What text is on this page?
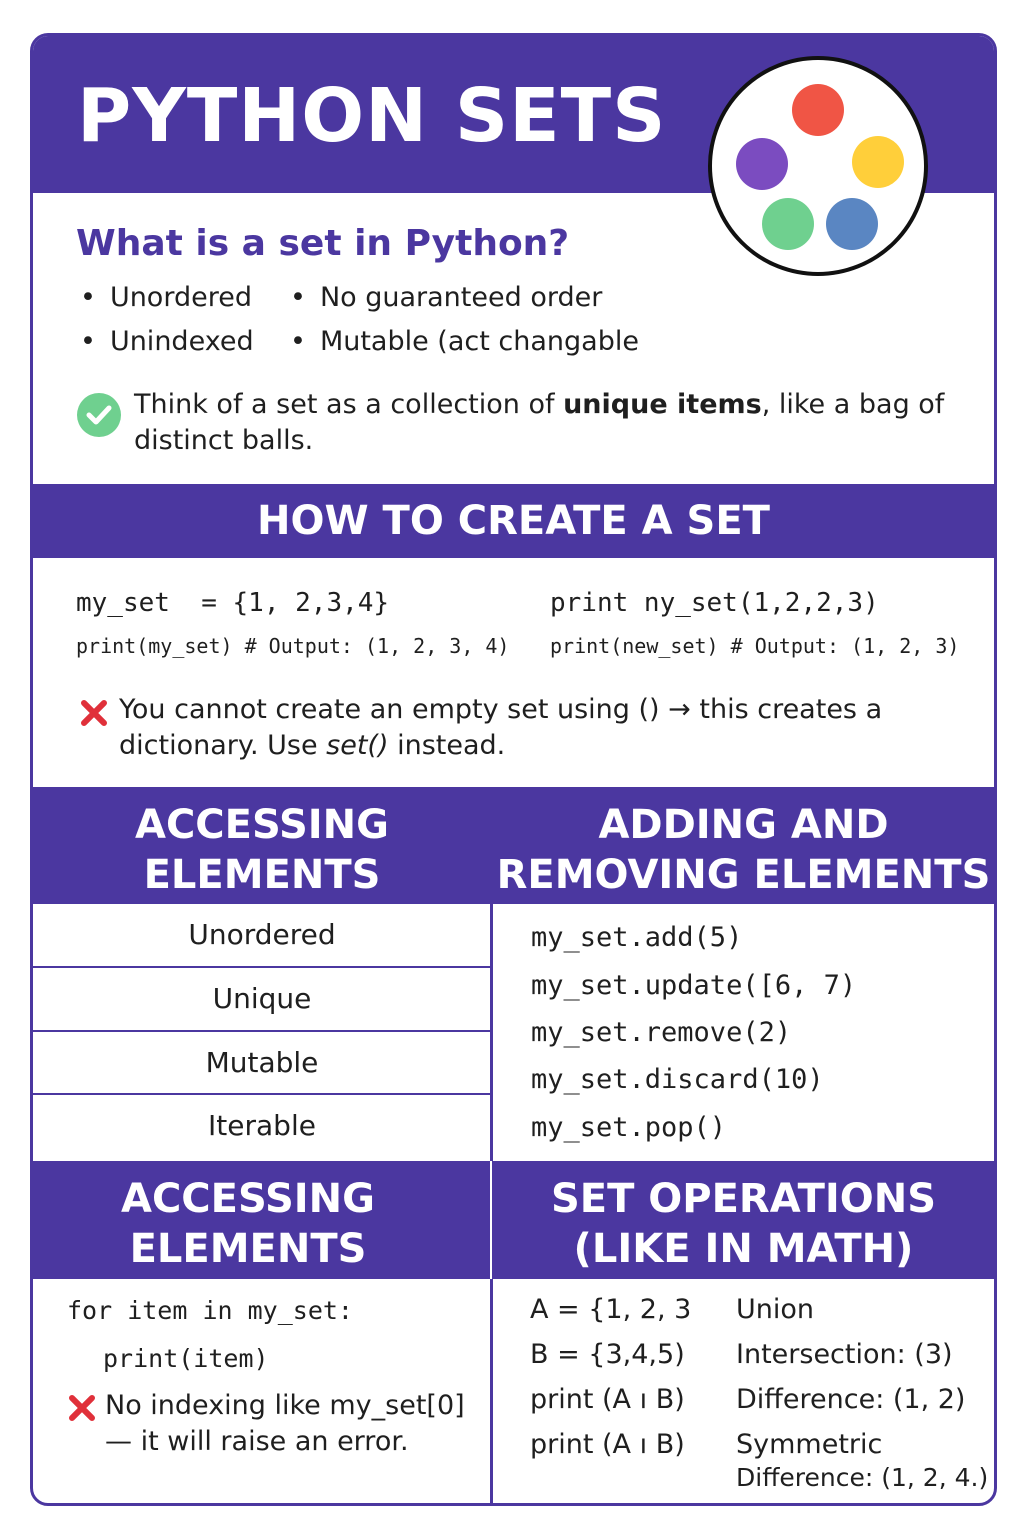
PYTHON SETS
What is a set in Python?
• Unordered
• Unindexed
• No guaranteed order
• Mutable (act changable
Think of a set as a collection of unique items, like a bag of
distinct balls.
HOW TO CREATE A SET
my_set  = {1, 2,3,4}
print(my_set) # Output: (1, 2, 3, 4)
print ny_set(1,2,2,3)
print(new_set) # Output: (1, 2, 3)
You cannot create an empty set using () → this creates a
dictionary. Use set() instead.
ACCESSING
ELEMENTS
ADDING AND
REMOVING ELEMENTS
Unordered
Unique
Mutable
Iterable
my_set.add(5)
my_set.update([6, 7)
my_set.remove(2)
my_set.discard(10)
my_set.pop()
ACCESSING
ELEMENTS
SET OPERATIONS
(LIKE IN MATH)
for item in my_set:
print(item)
No indexing like my_set[0]
— it will raise an error.
A = {1, 2, 3
B = {3,4,5)
print (A ı B)
print (A ı B)
Union
Intersection: (3)
Difference: (1, 2)
Symmetric
Difference: (1, 2, 4.)
